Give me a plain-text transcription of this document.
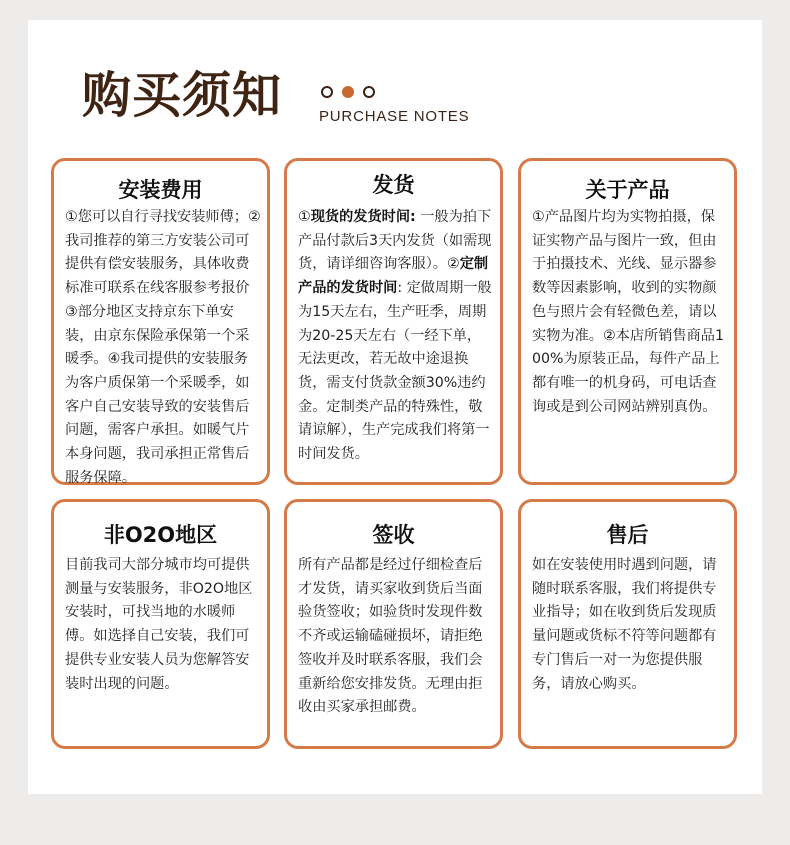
购买须知 PURCHASE NOTES
安装费用
①您可以自行寻找安装师傅；②我司推荐的第三方安装公司可提供有偿安装服务，具体收费标准可联系在线客服参考报价③部分地区支持京东下单安装，由京东保险承保第一个采暖季。④我司提供的安装服务为客户质保第一个采暖季，如客户自己安装导致的安装售后问题，需客户承担。如暖气片本身问题，我司承担正常售后服务保障。
发货
①现货的发货时间: 一般为拍下产品付款后3天内发货（如需现货，请详细咨询客服）。②定制产品的发货时间: 定做周期一般为15天左右，生产旺季，周期为20-25天左右（一经下单，无法更改，若无故中途退换货，需支付货款金额30%违约金。定制类产品的特殊性，敬请谅解），生产完成我们将第一时间发货。
关于产品
①产品图片均为实物拍摄，保证实物产品与图片一致，但由于拍摄技术、光线、显示器参数等因素影响，收到的实物颜色与照片会有轻微色差，请以实物为准。②本店所销售商品100%为原装正品，每件产品上都有唯一的机身码，可电话查询或是到公司网站辨别真伪。
非O2O地区
目前我司大部分城市均可提供测量与安装服务，非O2O地区安装时，可找当地的水暖师傅。如选择自己安装，我们可提供专业安装人员为您解答安装时出现的问题。
签收
所有产品都是经过仔细检查后才发货，请买家收到货后当面验货签收；如验货时发现件数不齐或运输磕碰损坏，请拒绝签收并及时联系客服，我们会重新给您安排发货。无理由拒收由买家承担邮费。
售后
如在安装使用时遇到问题，请随时联系客服，我们将提供专业指导；如在收到货后发现质量问题或货标不符等问题都有专门售后一对一为您提供服务，请放心购买。
